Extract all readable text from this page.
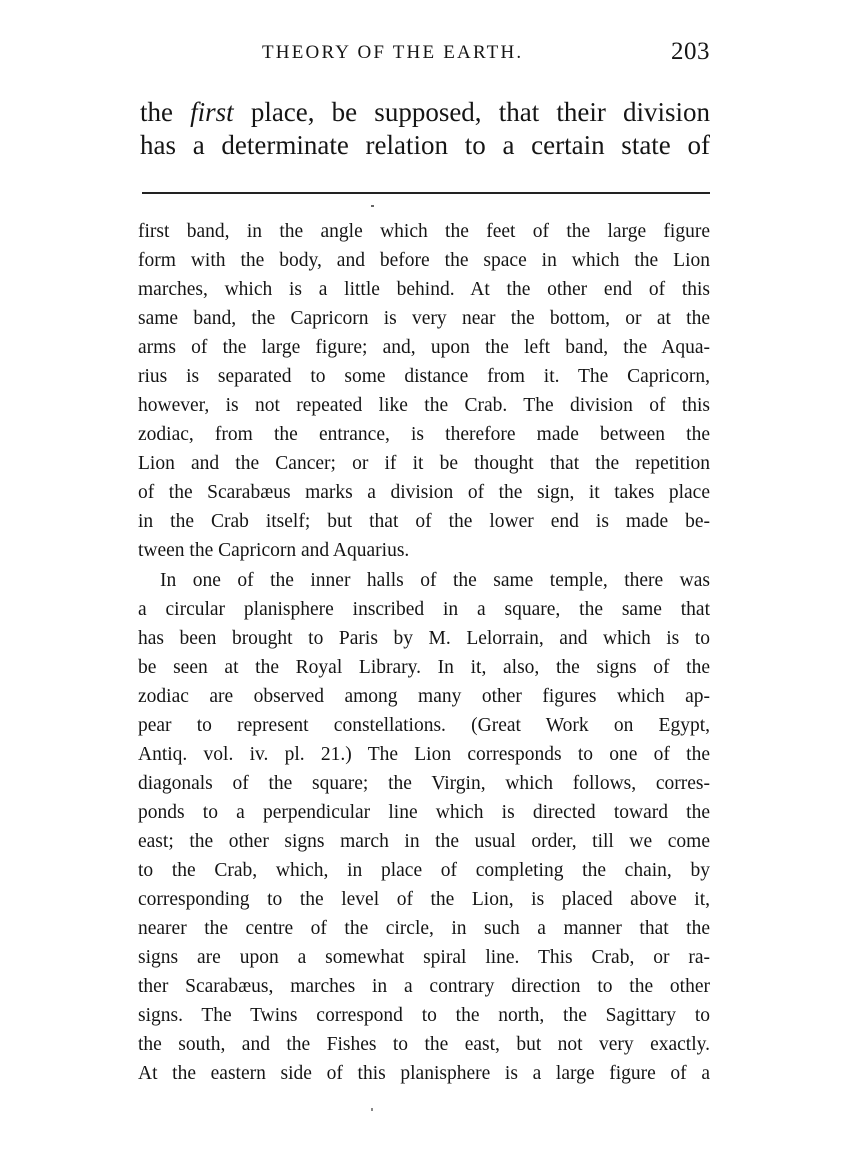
THEORY OF THE EARTH.	203

the first place, be supposed, that their division

has a determinate relation to a certain state of

first band, in the angle which the feet of the large figure

form with the body, and before the space in which the Lion

marches, which is a little behind. At the other end of this

same band, the Capricorn is very near the bottom, or at the

arms of the large figure; and, upon the left band, the Aqua-

rius is separated to some distance from it. The Capricorn,

however, is not repeated like the Crab. The division of this

zodiac, from the entrance, is therefore made between the

Lion and the Cancer; or if it be thought that the repetition

of the Scarabæus marks a division of the sign, it takes place

in the Crab itself; but that of the lower end is made be-

tween the Capricorn and Aquarius.

In one of the inner halls of the same temple, there was

a circular planisphere inscribed in a square, the same that

has been brought to Paris by M. Lelorrain, and which is to

be seen at the Royal Library. In it, also, the signs of the

zodiac are observed among many other figures which ap-

pear to represent constellations. (Great Work on Egypt,

Antiq. vol. iv. pl. 21.) The Lion corresponds to one of the

diagonals of the square; the Virgin, which follows, corres-

ponds to a perpendicular line which is directed toward the

east; the other signs march in the usual order, till we come

to the Crab, which, in place of completing the chain, by

corresponding to the level of the Lion, is placed above it,

nearer the centre of the circle, in such a manner that the

signs are upon a somewhat spiral line. This Crab, or ra-

ther Scarabæus, marches in a contrary direction to the other

signs. The Twins correspond to the north, the Sagittary to

the south, and the Fishes to the east, but not very exactly.

At the eastern side of this planisphere is a large figure of a
